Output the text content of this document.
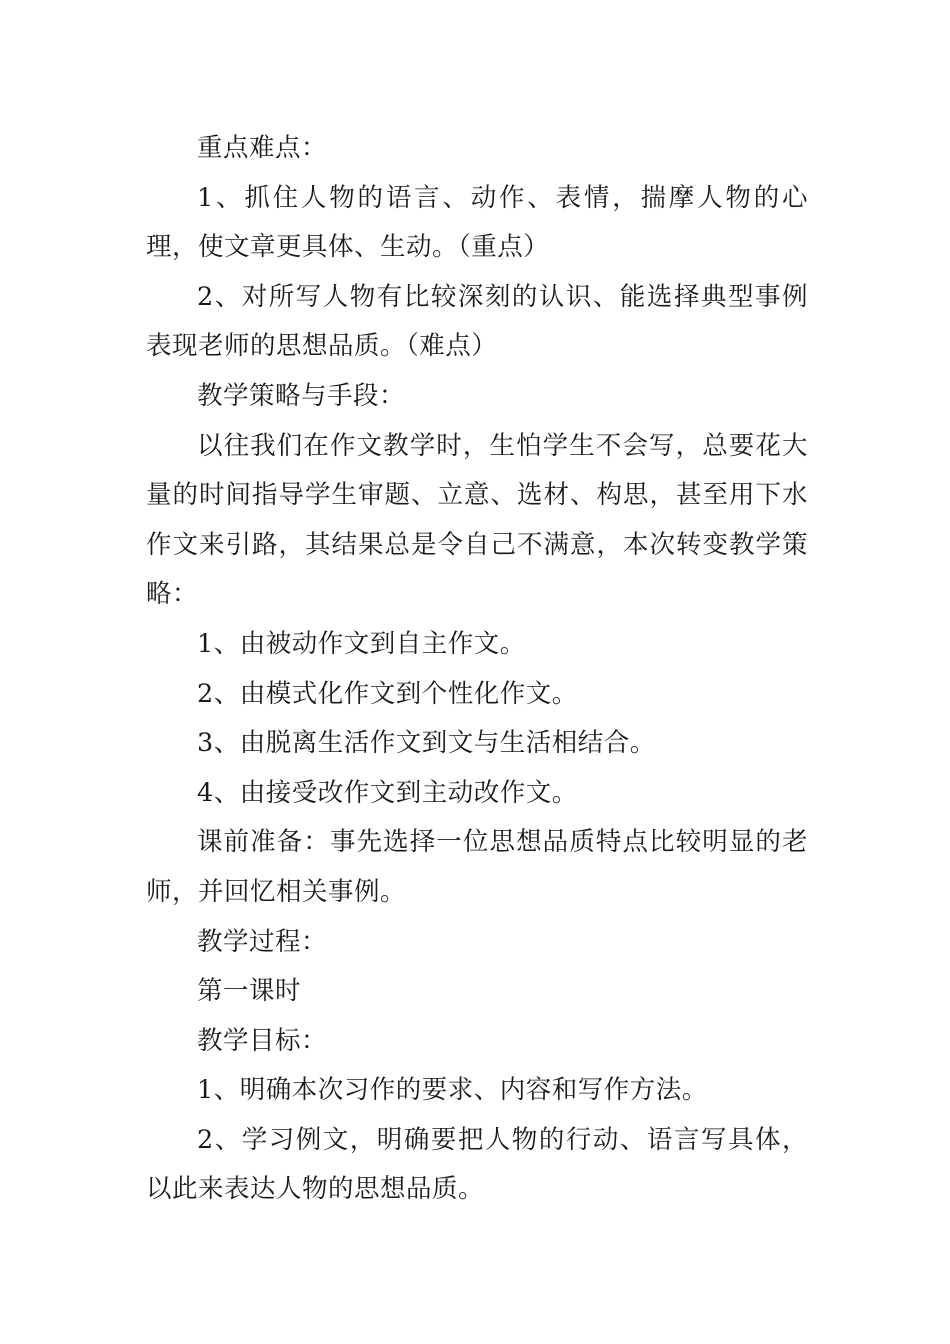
重点难点：

1、抓住人物的语言、动作、表情，揣摩人物的心理，使文章更具体、生动。（重点）

2、对所写人物有比较深刻的认识、能选择典型事例表现老师的思想品质。（难点）

教学策略与手段：

以往我们在作文教学时，生怕学生不会写，总要花大量的时间指导学生审题、立意、选材、构思，甚至用下水作文来引路，其结果总是令自己不满意，本次转变教学策略：

1、由被动作文到自主作文。

2、由模式化作文到个性化作文。

3、由脱离生活作文到文与生活相结合。

4、由接受改作文到主动改作文。

课前准备：事先选择一位思想品质特点比较明显的老师，并回忆相关事例。

教学过程：

第一课时

教学目标：

1、明确本次习作的要求、内容和写作方法。

2、学习例文，明确要把人物的行动、语言写具体，以此来表达人物的思想品质。
